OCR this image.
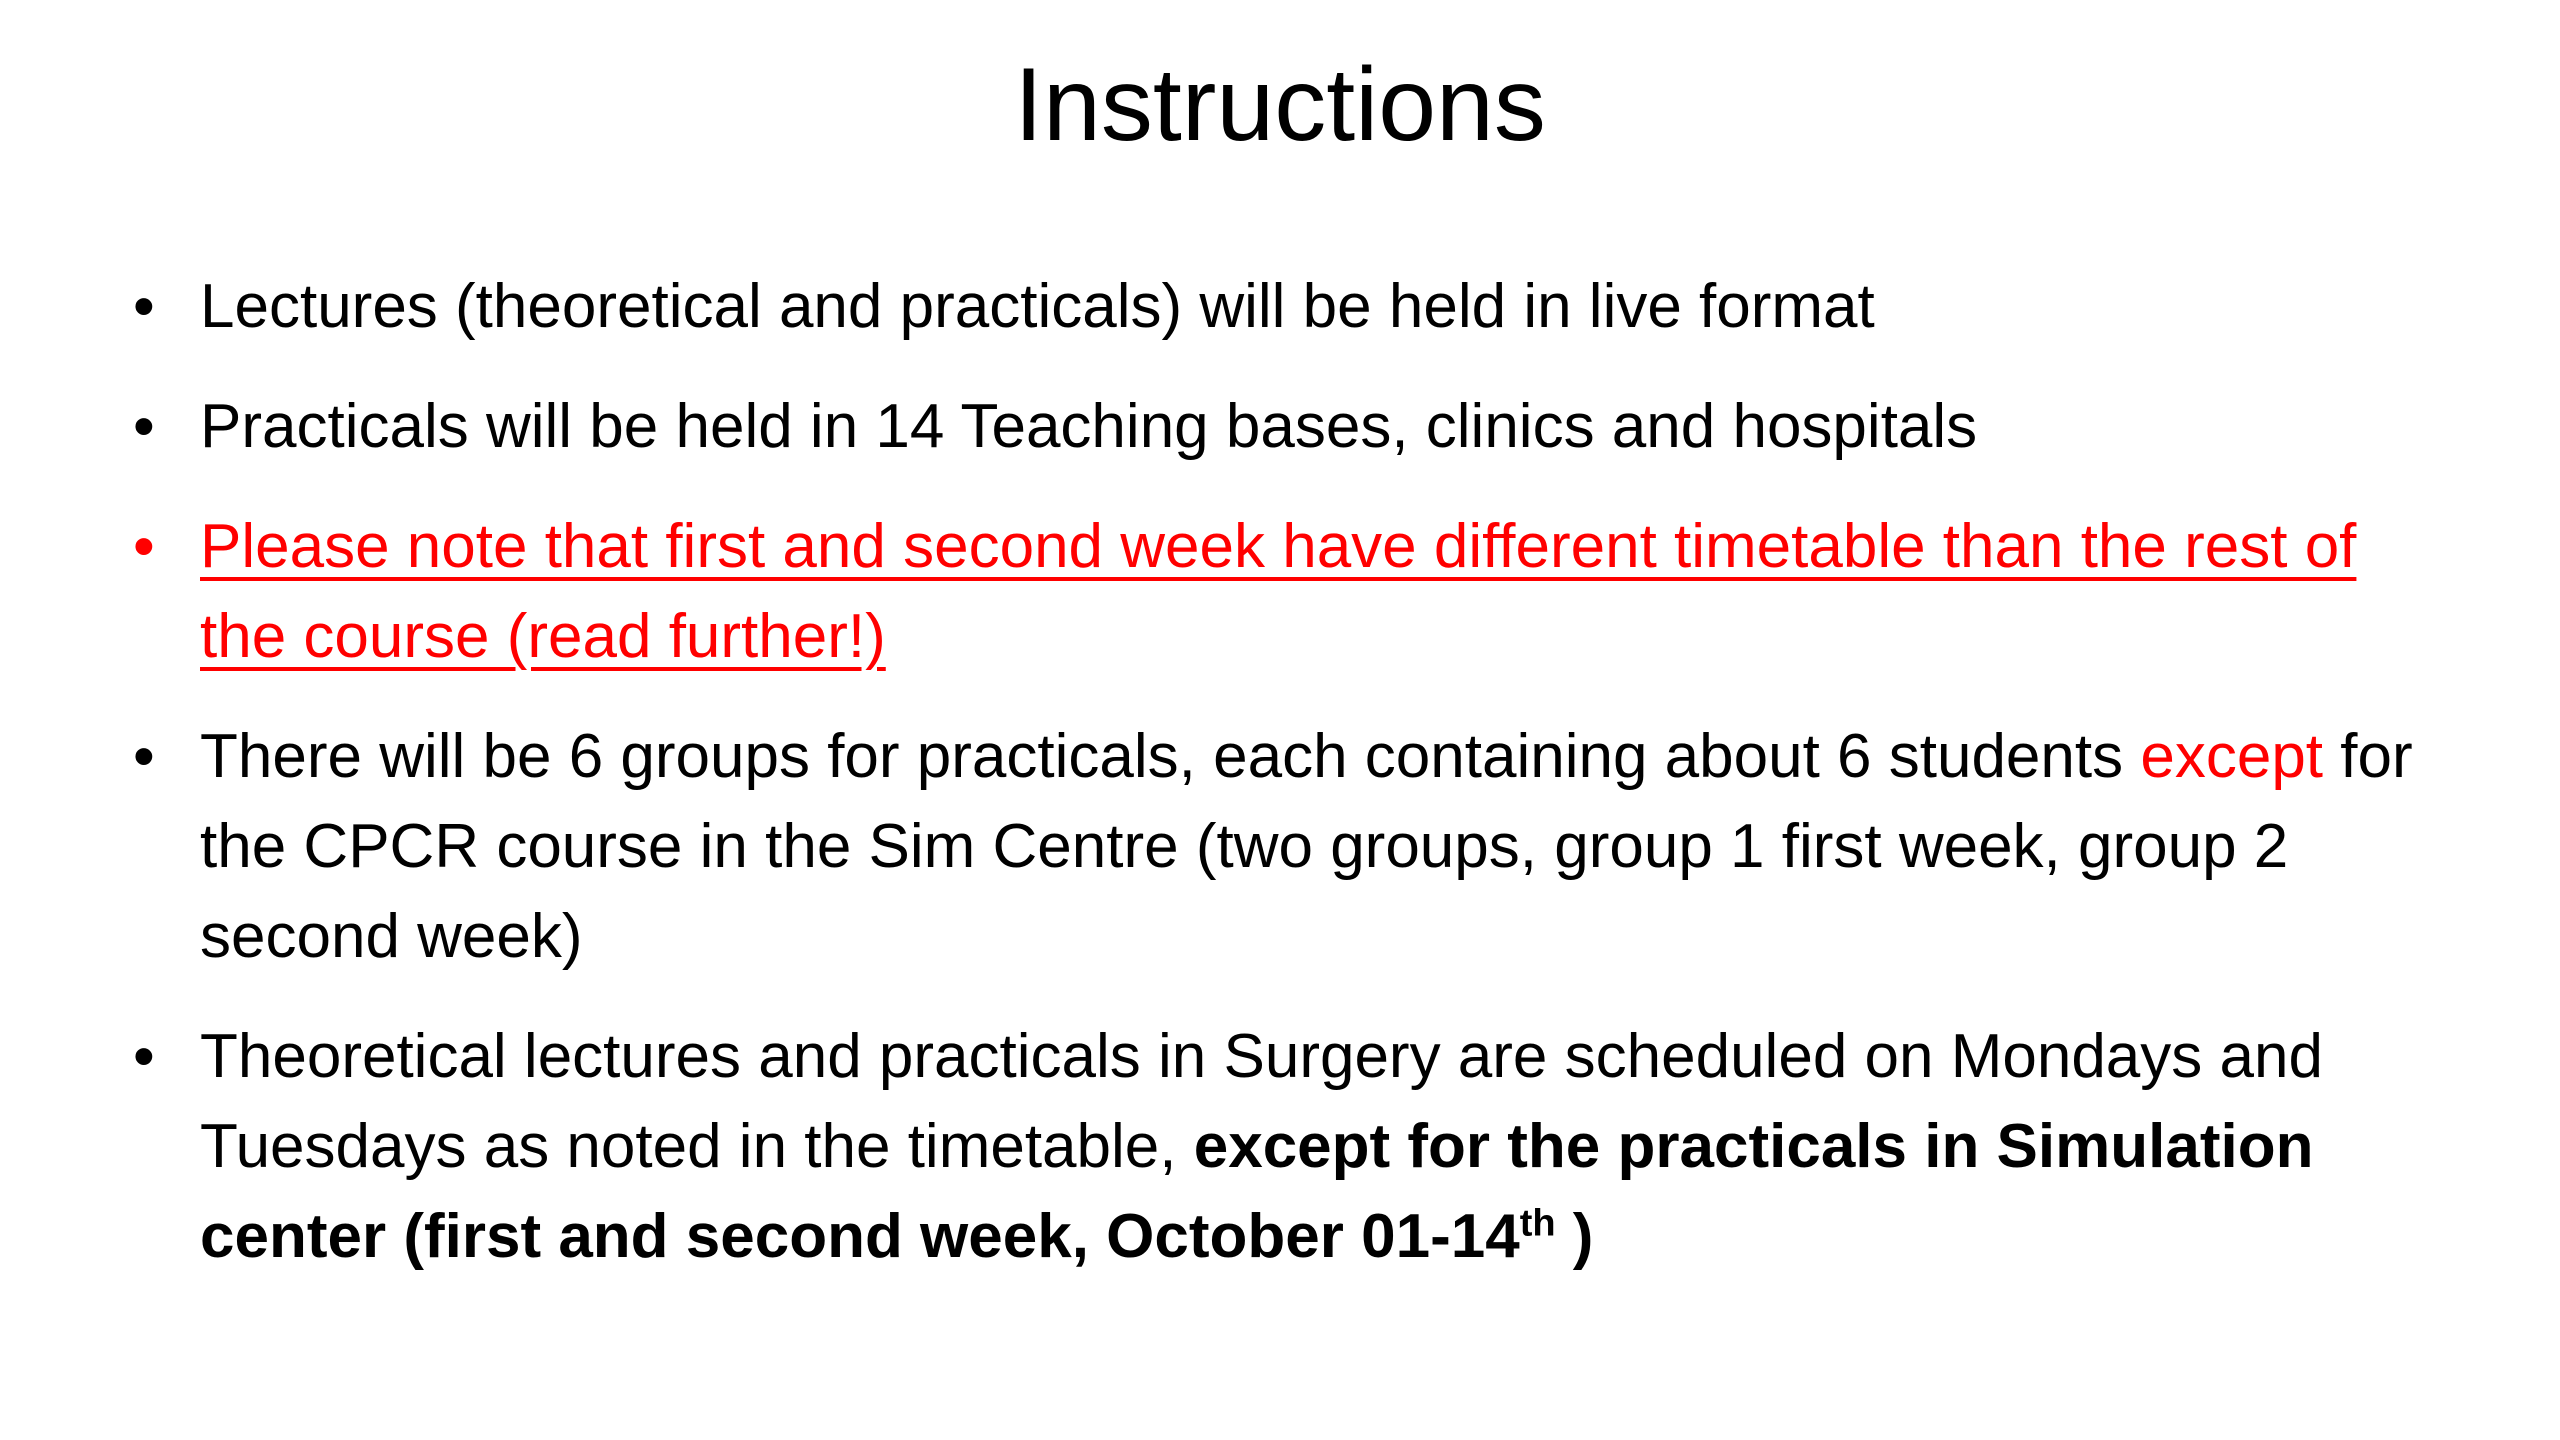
Instructions
• Lectures (theoretical and practicals) will be held in live format
• Practicals will be held in 14 Teaching bases, clinics and hospitals
• Please note that first and second week have different timetable than the rest of the course (read further!)
• There will be 6 groups for practicals, each containing about 6 students except for the CPCR course in the Sim Centre (two groups, group 1 first week, group 2 second week)
• Theoretical lectures and practicals in Surgery are scheduled on Mondays and Tuesdays as noted in the timetable, except for the practicals in Simulation center (first and second week, October 01-14th )
